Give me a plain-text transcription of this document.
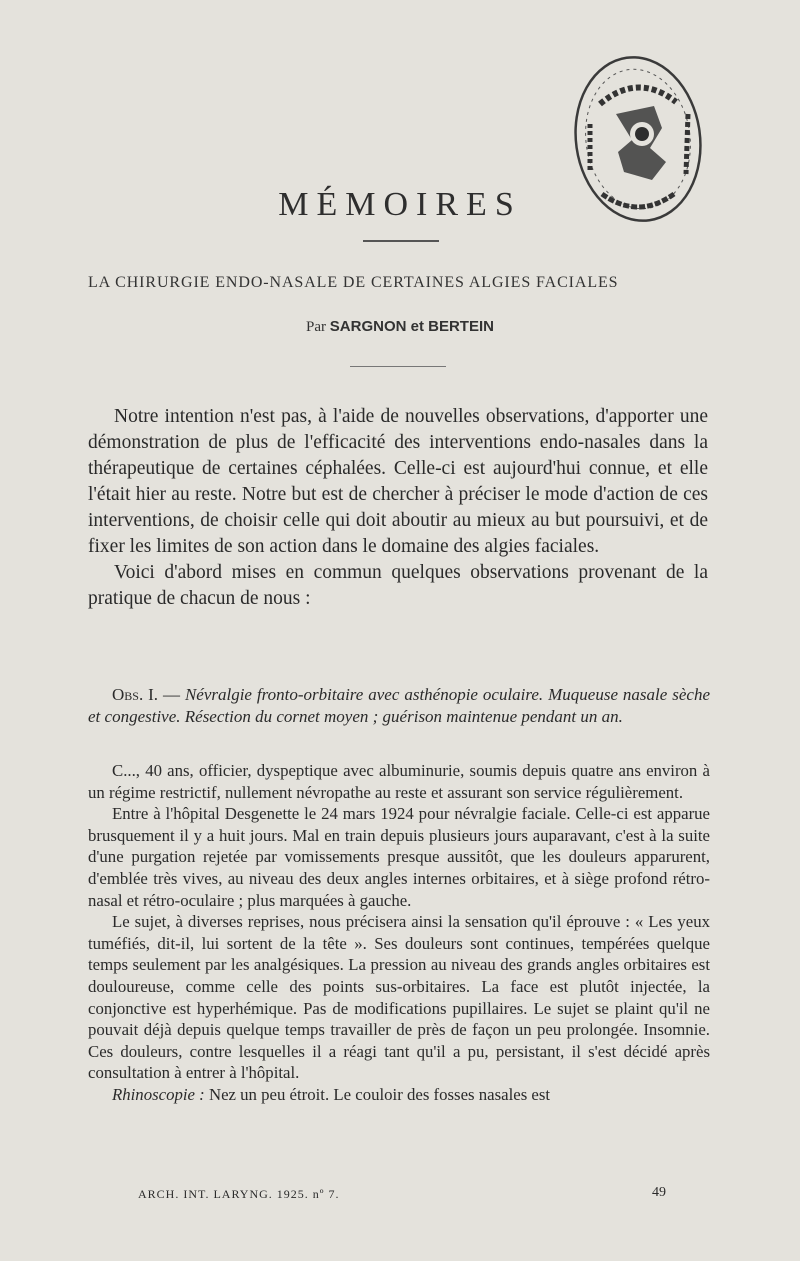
MÉMOIRES
LA CHIRURGIE ENDO-NASALE DE CERTAINES ALGIES FACIALES
Par SARGNON et BERTEIN

Notre intention n'est pas, à l'aide de nouvelles observations, d'apporter une démonstration de plus de l'efficacité des interventions endo-nasales dans la thérapeutique de certaines céphalées. Celle-ci est aujourd'hui connue, et elle l'était hier au reste. Notre but est de chercher à préciser le mode d'action de ces interventions, de choisir celle qui doit aboutir au mieux au but poursuivi, et de fixer les limites de son action dans le domaine des algies faciales.

Voici d'abord mises en commun quelques observations provenant de la pratique de chacun de nous :

Obs. I. — Névralgie fronto-orbitaire avec asthénopie oculaire. Muqueuse nasale sèche et congestive. Résection du cornet moyen ; guérison maintenue pendant un an.

C..., 40 ans, officier, dyspeptique avec albuminurie, soumis depuis quatre ans environ à un régime restrictif, nullement névropathe au reste et assurant son service régulièrement.

Entre à l'hôpital Desgenette le 24 mars 1924 pour névralgie faciale. Celle-ci est apparue brusquement il y a huit jours. Mal en train depuis plusieurs jours auparavant, c'est à la suite d'une purgation rejetée par vomissements presque aussitôt, que les douleurs apparurent, d'emblée très vives, au niveau des deux angles internes orbitaires, et à siège profond rétro-nasal et rétro-oculaire ; plus marquées à gauche.

Le sujet, à diverses reprises, nous précisera ainsi la sensation qu'il éprouve : « Les yeux tuméfiés, dit-il, lui sortent de la tête ». Ses douleurs sont continues, tempérées quelque temps seulement par les analgésiques. La pression au niveau des grands angles orbitaires est douloureuse, comme celle des points sus-orbitaires. La face est plutôt injectée, la conjonctive est hyperhémique. Pas de modifications pupillaires. Le sujet se plaint qu'il ne pouvait déjà depuis quelque temps travailler de près de façon un peu prolongée. Insomnie. Ces douleurs, contre lesquelles il a réagi tant qu'il a pu, persistant, il s'est décidé après consultation à entrer à l'hôpital.

Rhinoscopie : Nez un peu étroit. Le couloir des fosses nasales est

ARCH. INT. LARYNG. 1925. nº 7.	49
